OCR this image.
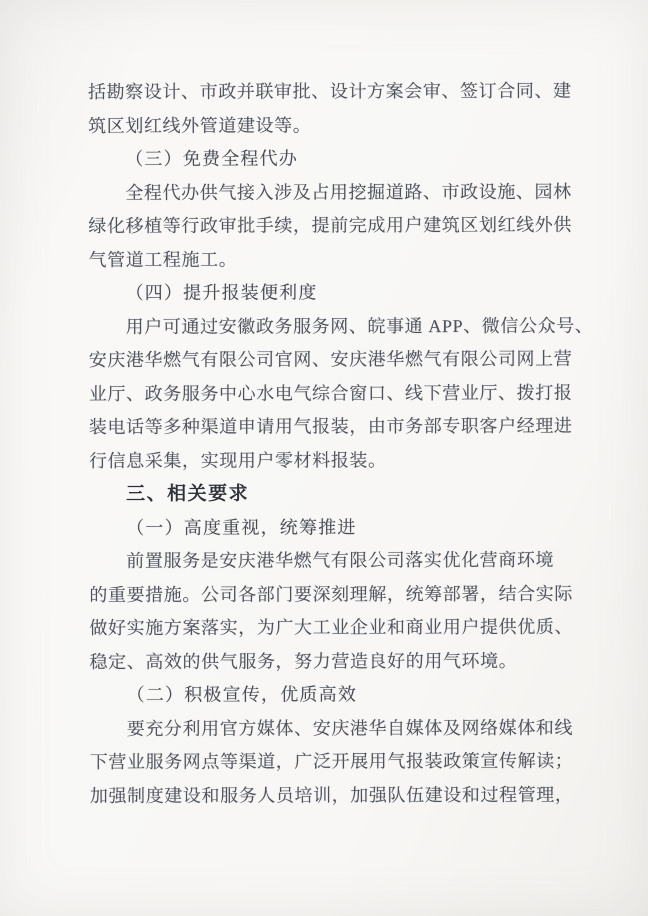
括勘察设计、市政并联审批、设计方案会审、签订合同、建
筑区划红线外管道建设等。
（三）免费全程代办
全程代办供气接入涉及占用挖掘道路、市政设施、园林
绿化移植等行政审批手续，提前完成用户建筑区划红线外供
气管道工程施工。
（四）提升报装便利度
用户可通过安徽政务服务网、皖事通 APP、微信公众号、
安庆港华燃气有限公司官网、安庆港华燃气有限公司网上营
业厅、政务服务中心水电气综合窗口、线下营业厅、拨打报
装电话等多种渠道申请用气报装，由市务部专职客户经理进
行信息采集，实现用户零材料报装。
三、相关要求
（一）高度重视，统筹推进
前置服务是安庆港华燃气有限公司落实优化营商环境
的重要措施。公司各部门要深刻理解，统筹部署，结合实际
做好实施方案落实，为广大工业企业和商业用户提供优质、
稳定、高效的供气服务，努力营造良好的用气环境。
（二）积极宣传，优质高效
要充分利用官方媒体、安庆港华自媒体及网络媒体和线
下营业服务网点等渠道，广泛开展用气报装政策宣传解读；
加强制度建设和服务人员培训，加强队伍建设和过程管理，
